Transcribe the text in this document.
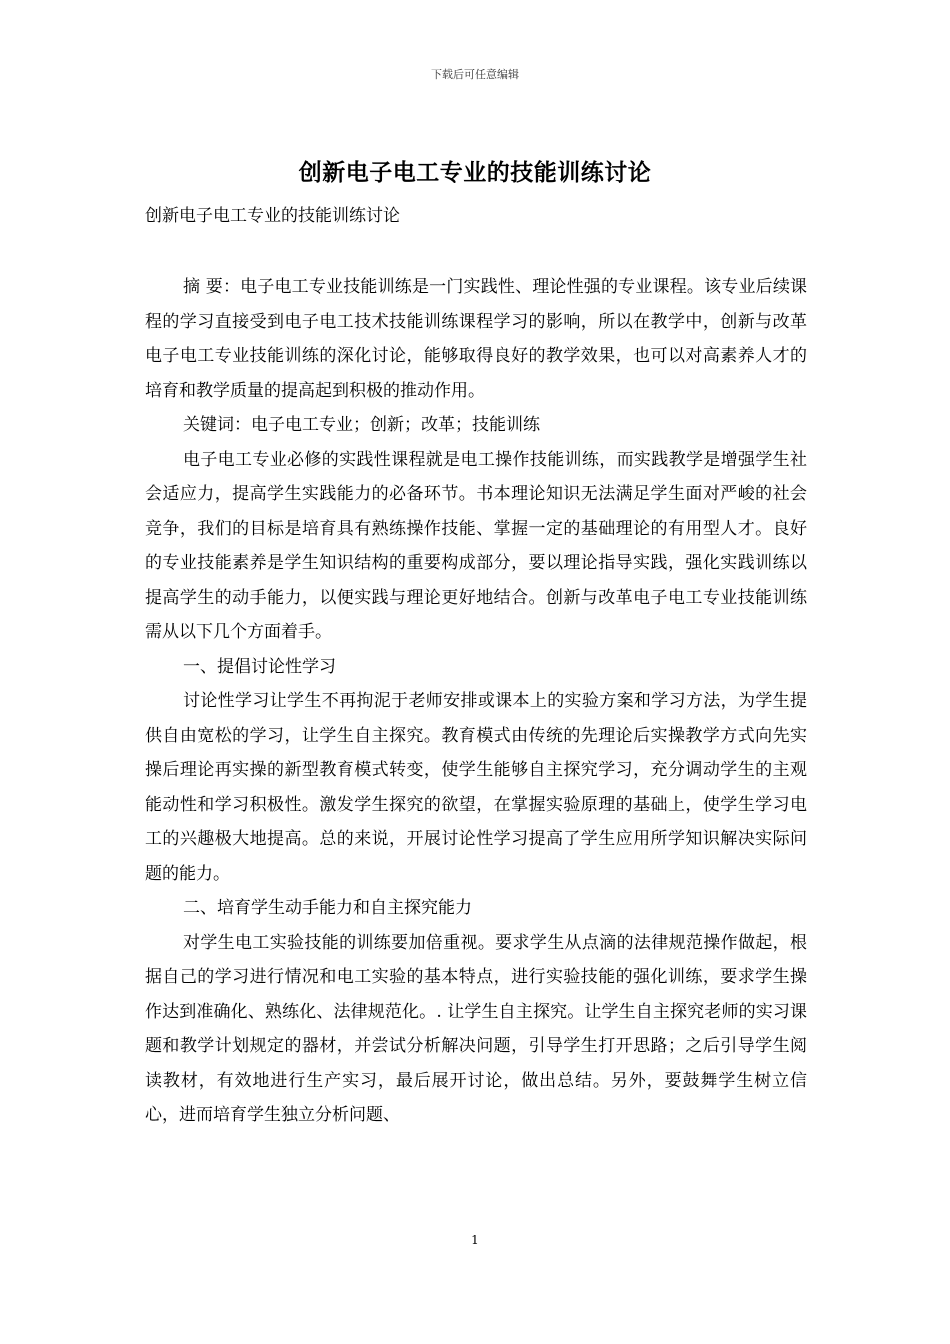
下载后可任意编辑
创新电子电工专业的技能训练讨论
创新电子电工专业的技能训练讨论

摘 要：电子电工专业技能训练是一门实践性、理论性强的专业课程。该专业后续课程的学习直接受到电子电工技术技能训练课程学习的影响，所以在教学中，创新与改革电子电工专业技能训练的深化讨论，能够取得良好的教学效果，也可以对高素养人才的培育和教学质量的提高起到积极的推动作用。

关键词：电子电工专业；创新；改革；技能训练

电子电工专业必修的实践性课程就是电工操作技能训练，而实践教学是增强学生社会适应力，提高学生实践能力的必备环节。书本理论知识无法满足学生面对严峻的社会竞争，我们的目标是培育具有熟练操作技能、掌握一定的基础理论的有用型人才。良好的专业技能素养是学生知识结构的重要构成部分，要以理论指导实践，强化实践训练以提高学生的动手能力，以便实践与理论更好地结合。创新与改革电子电工专业技能训练需从以下几个方面着手。

一、提倡讨论性学习

讨论性学习让学生不再拘泥于老师安排或课本上的实验方案和学习方法，为学生提供自由宽松的学习，让学生自主探究。教育模式由传统的先理论后实操教学方式向先实操后理论再实操的新型教育模式转变，使学生能够自主探究学习，充分调动学生的主观能动性和学习积极性。激发学生探究的欲望，在掌握实验原理的基础上，使学生学习电工的兴趣极大地提高。总的来说，开展讨论性学习提高了学生应用所学知识解决实际问题的能力。

二、培育学生动手能力和自主探究能力

对学生电工实验技能的训练要加倍重视。要求学生从点滴的法律规范操作做起，根据自己的学习进行情况和电工实验的基本特点，进行实验技能的强化训练，要求学生操作达到准确化、熟练化、法律规范化。. 让学生自主探究。让学生自主探究老师的实习课题和教学计划规定的器材，并尝试分析解决问题，引导学生打开思路；之后引导学生阅读教材，有效地进行生产实习，最后展开讨论，做出总结。另外，要鼓舞学生树立信心，进而培育学生独立分析问题、

1
